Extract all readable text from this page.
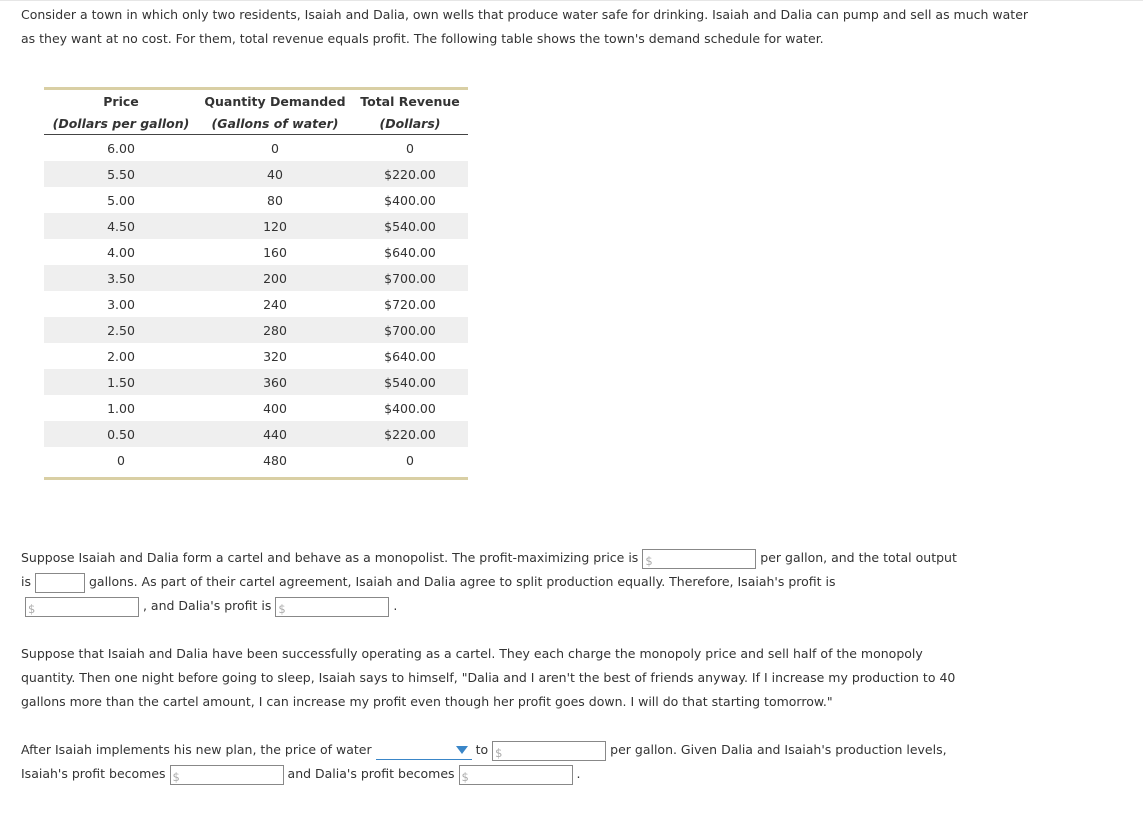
Consider a town in which only two residents, Isaiah and Dalia, own wells that produce water safe for drinking. Isaiah and Dalia can pump and sell as much water as they want at no cost. For them, total revenue equals profit. The following table shows the town's demand schedule for water.

Price	Quantity Demanded	Total Revenue
(Dollars per gallon)	(Gallons of water)	(Dollars)
6.00	0	0
5.50	40	$220.00
5.00	80	$400.00
4.50	120	$540.00
4.00	160	$640.00
3.50	200	$700.00
3.00	240	$720.00
2.50	280	$700.00
2.00	320	$640.00
1.50	360	$540.00
1.00	400	$400.00
0.50	440	$220.00
0	480	0

Suppose Isaiah and Dalia form a cartel and behave as a monopolist. The profit-maximizing price is $	per gallon, and the total output

is	gallons. As part of their cartel agreement, Isaiah and Dalia agree to split production equally. Therefore, Isaiah's profit is

$	, and Dalia's profit is $	.

Suppose that Isaiah and Dalia have been successfully operating as a cartel. They each charge the monopoly price and sell half of the monopoly
quantity. Then one night before going to sleep, Isaiah says to himself, "Dalia and I aren't the best of friends anyway. If I increase my production to 40
gallons more than the cartel amount, I can increase my profit even though her profit goes down. I will do that starting tomorrow."

After Isaiah implements his new plan, the price of water	to $	per gallon. Given Dalia and Isaiah's production levels,

Isaiah's profit becomes $	and Dalia's profit becomes $	.
